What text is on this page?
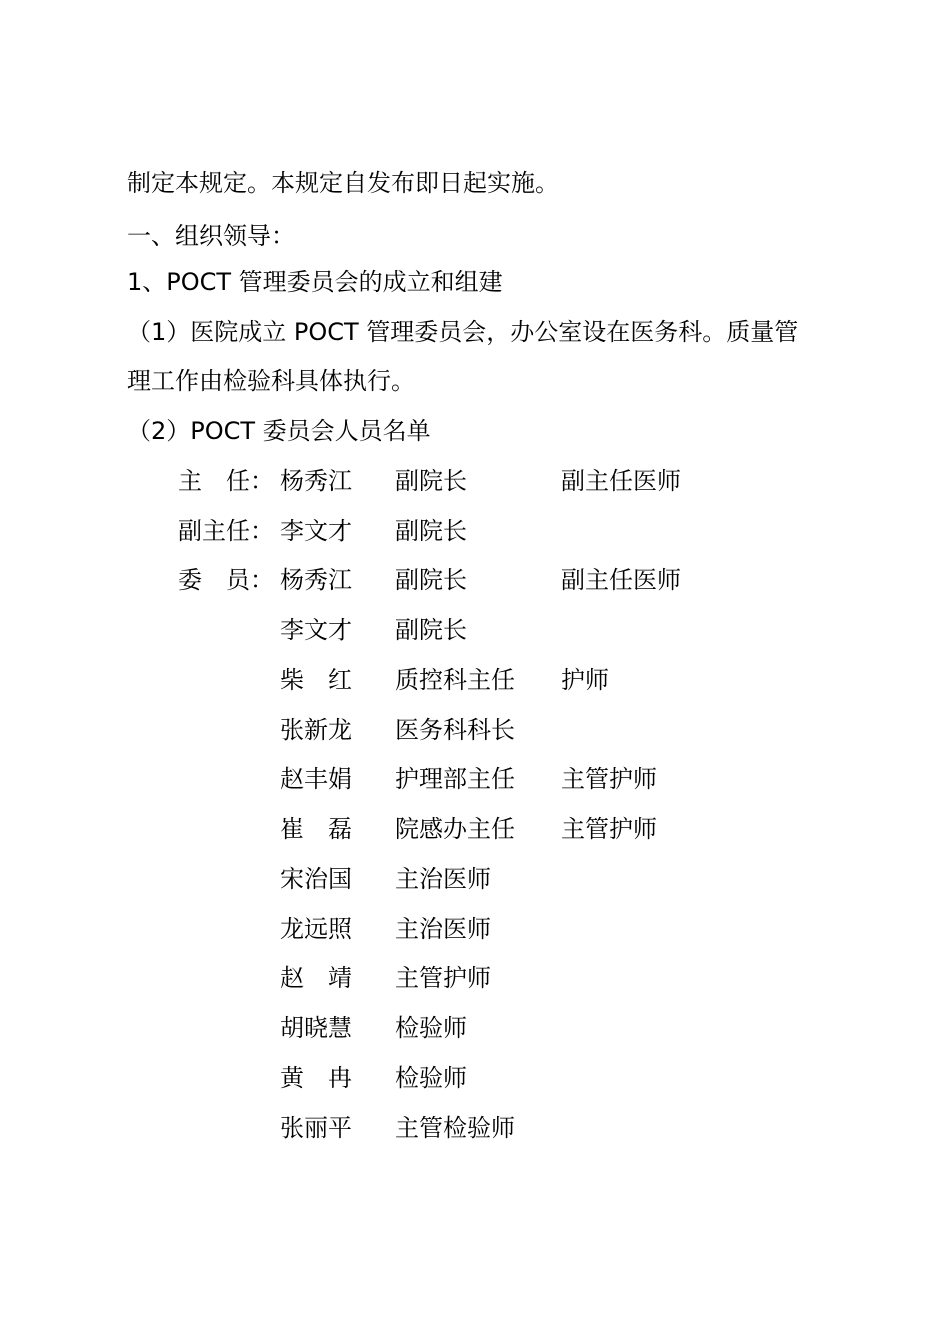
制定本规定。本规定自发布即日起实施。
一、组织领导：
1、POCT 管理委员会的成立和组建
（1）医院成立 POCT 管理委员会，办公室设在医务科。质量管
理工作由检验科具体执行。
（2）POCT 委员会人员名单
主　任： 杨秀江 副院长	副主任医师
副主任： 李文才 副院长
委　员： 杨秀江 副院长	副主任医师
李文才 副院长
柴　红 质控科主任 护师
张新龙 医务科科长
赵丰娟 护理部主任 主管护师
崔　磊 院感办主任 主管护师
宋治国 主治医师
龙远照 主治医师
赵　靖 主管护师
胡晓慧 检验师
黄　冉 检验师
张丽平 主管检验师
